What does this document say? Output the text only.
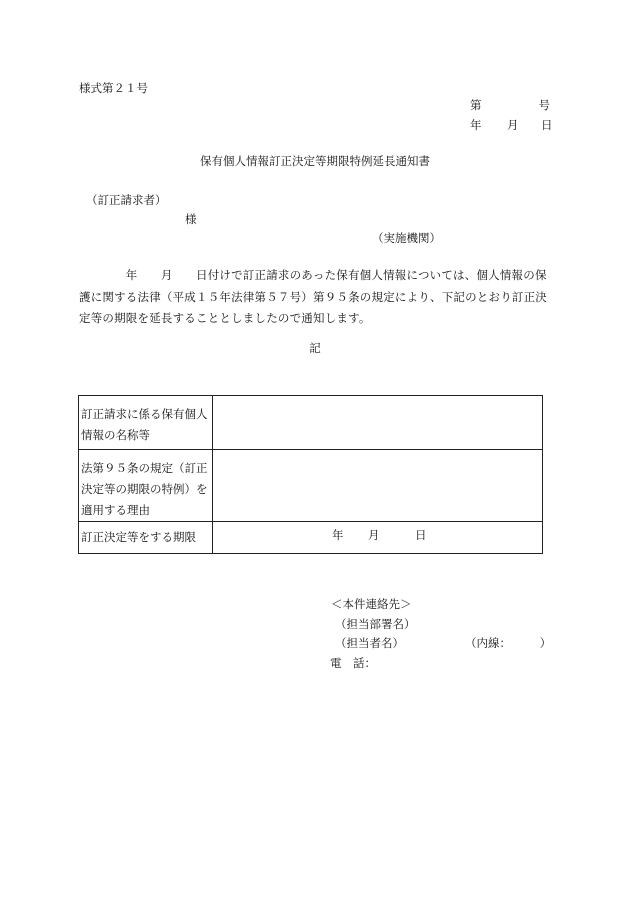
様式第２１号
第	号
年 月 日
保有個人情報訂正決定等期限特例延長通知書
（訂正請求者）
様
（実施機関）
　　　　年　　月　　日付けで訂正請求のあった保有個人情報については、個人情報の保護に関する法律（平成１５年法律第５７号）第９５条の規定により、下記のとおり訂正決定等の期限を延長することとしましたので通知します。
記
訂正請求に係る保有個人情報の名称等	
法第９５条の規定（訂正決定等の期限の特例）を適用する理由	
訂正決定等をする期限	年 月 日
＜本件連絡先＞
（担当部署名）
（担当者名）	（内線：　　　）
電　話：
